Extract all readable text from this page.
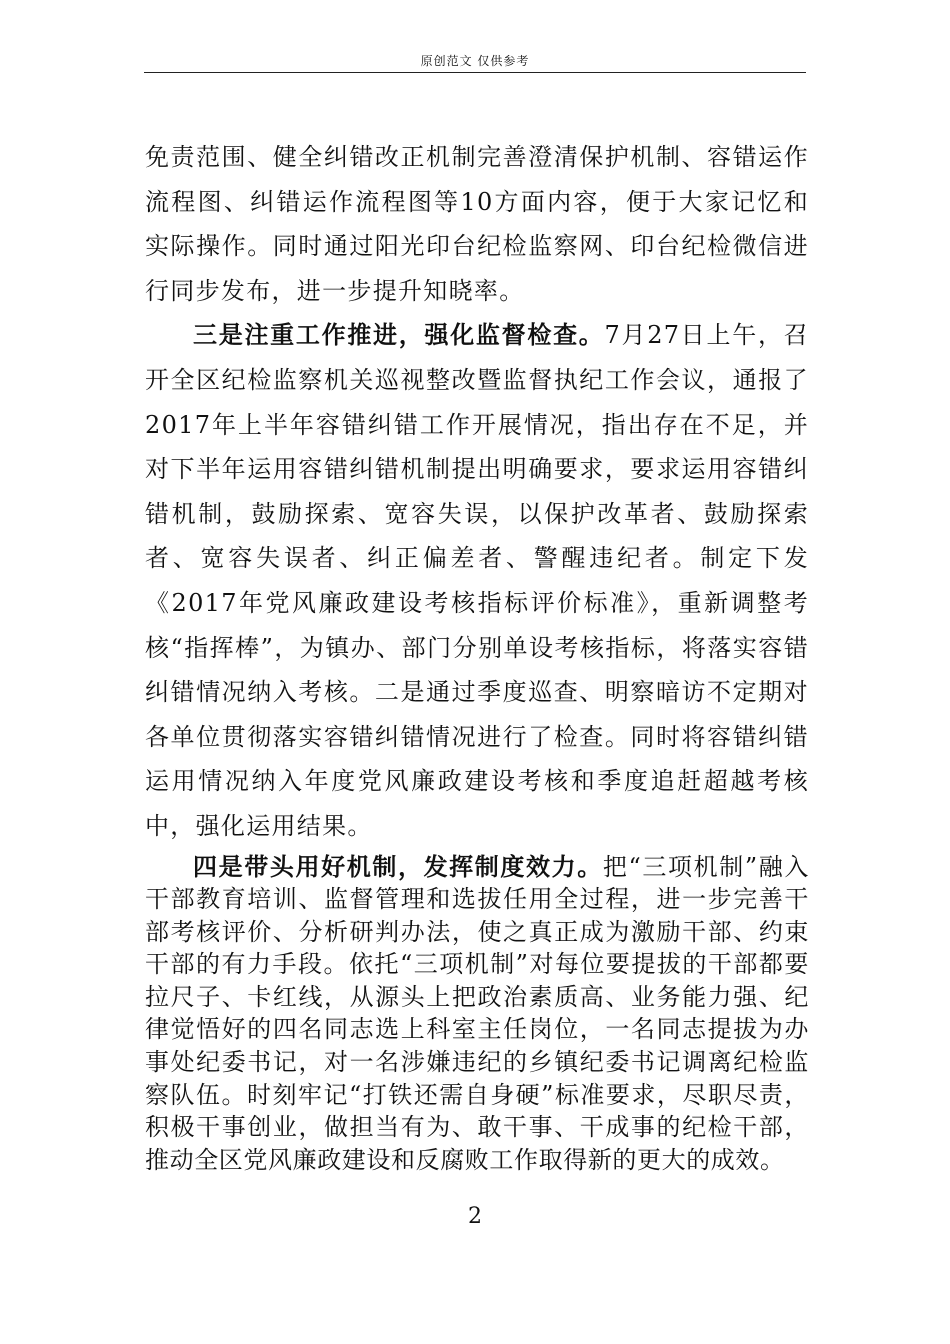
原创范文 仅供参考

免责范围、健全纠错改正机制完善澄清保护机制、容错运作流程图、纠错运作流程图等10方面内容，便于大家记忆和实际操作。同时通过阳光印台纪检监察网、印台纪检微信进行同步发布，进一步提升知晓率。

三是注重工作推进，强化监督检查。7月27日上午，召开全区纪检监察机关巡视整改暨监督执纪工作会议，通报了2017年上半年容错纠错工作开展情况，指出存在不足，并对下半年运用容错纠错机制提出明确要求，要求运用容错纠错机制，鼓励探索、宽容失误，以保护改革者、鼓励探索者、宽容失误者、纠正偏差者、警醒违纪者。制定下发《2017年党风廉政建设考核指标评价标准》，重新调整考核“指挥棒”，为镇办、部门分别单设考核指标，将落实容错纠错情况纳入考核。二是通过季度巡查、明察暗访不定期对各单位贯彻落实容错纠错情况进行了检查。同时将容错纠错运用情况纳入年度党风廉政建设考核和季度追赶超越考核中，强化运用结果。

四是带头用好机制，发挥制度效力。把“三项机制”融入干部教育培训、监督管理和选拔任用全过程，进一步完善干部考核评价、分析研判办法，使之真正成为激励干部、约束干部的有力手段。依托“三项机制”对每位要提拔的干部都要拉尺子、卡红线，从源头上把政治素质高、业务能力强、纪律觉悟好的四名同志选上科室主任岗位，一名同志提拔为办事处纪委书记，对一名涉嫌违纪的乡镇纪委书记调离纪检监察队伍。时刻牢记“打铁还需自身硬”标准要求，尽职尽责，积极干事创业，做担当有为、敢干事、干成事的纪检干部，推动全区党风廉政建设和反腐败工作取得新的更大的成效。

2
